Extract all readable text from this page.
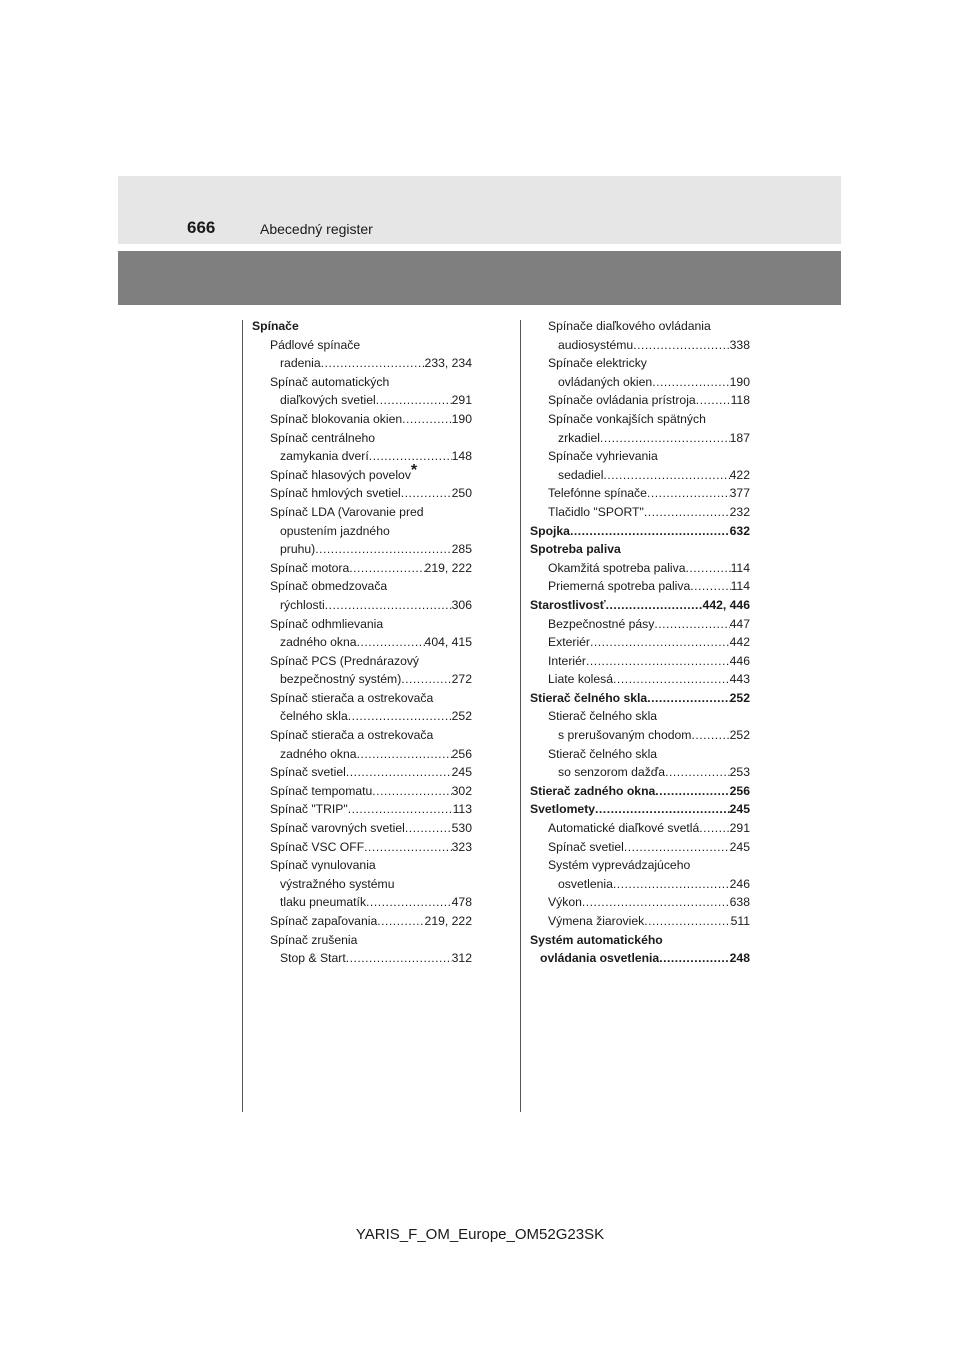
666	Abecedný register
Spínače
Pádlové spínače
radenia .....	233, 234
Spínač automatických
diaľkových svetiel .....	291
Spínač blokovania okien .....	190
Spínač centrálneho
zamykania dverí .....	148
Spínač hlasových povelov *
Spínač hmlových svetiel .....	250
Spínač LDA (Varovanie pred
opustením jazdného
pruhu) .....	285
Spínač motora .....	219, 222
Spínač obmedzovača
rýchlosti .....	306
Spínač odhmlievania
zadného okna .....	404, 415
Spínač PCS (Prednárazový
bezpečnostný systém) .....	272
Spínač stierača a ostrekovača
čelného skla .....	252
Spínač stierača a ostrekovača
zadného okna .....	256
Spínač svetiel .....	245
Spínač tempomatu .....	302
Spínač "TRIP" .....	113
Spínač varovných svetiel .....	530
Spínač VSC OFF .....	323
Spínač vynulovania
výstražného systému
tlaku pneumatík .....	478
Spínač zapaľovania .....	219, 222
Spínač zrušenia
Stop & Start .....	312
Spínače diaľkového ovládania
audiosystému .....	338
Spínače elektricky
ovládaných okien .....	190
Spínače ovládania prístroja .....	118
Spínače vonkajších spätných
zrkadiel .....	187
Spínače vyhrievania
sedadiel .....	422
Telefónne spínače .....	377
Tlačidlo "SPORT" .....	232
Spojka .....	632
Spotreba paliva
Okamžitá spotreba paliva .....	114
Priemerná spotreba paliva .....	114
Starostlivosť .....	442, 446
Bezpečnostné pásy .....	447
Exteriér .....	442
Interiér .....	446
Liate kolesá .....	443
Stierač čelného skla .....	252
Stierač čelného skla
s prerušovaným chodom .....	252
Stierač čelného skla
so senzorom dažďa .....	253
Stierač zadného okna .....	256
Svetlomety .....	245
Automatické diaľkové svetlá ..... 291
Spínač svetiel .....	245
Systém vyprevádzajúceho
osvetlenia .....	246
Výkon .....	638
Výmena žiaroviek .....	511
Systém automatického
ovládania osvetlenia .....	248
YARIS_F_OM_Europe_OM52G23SK
